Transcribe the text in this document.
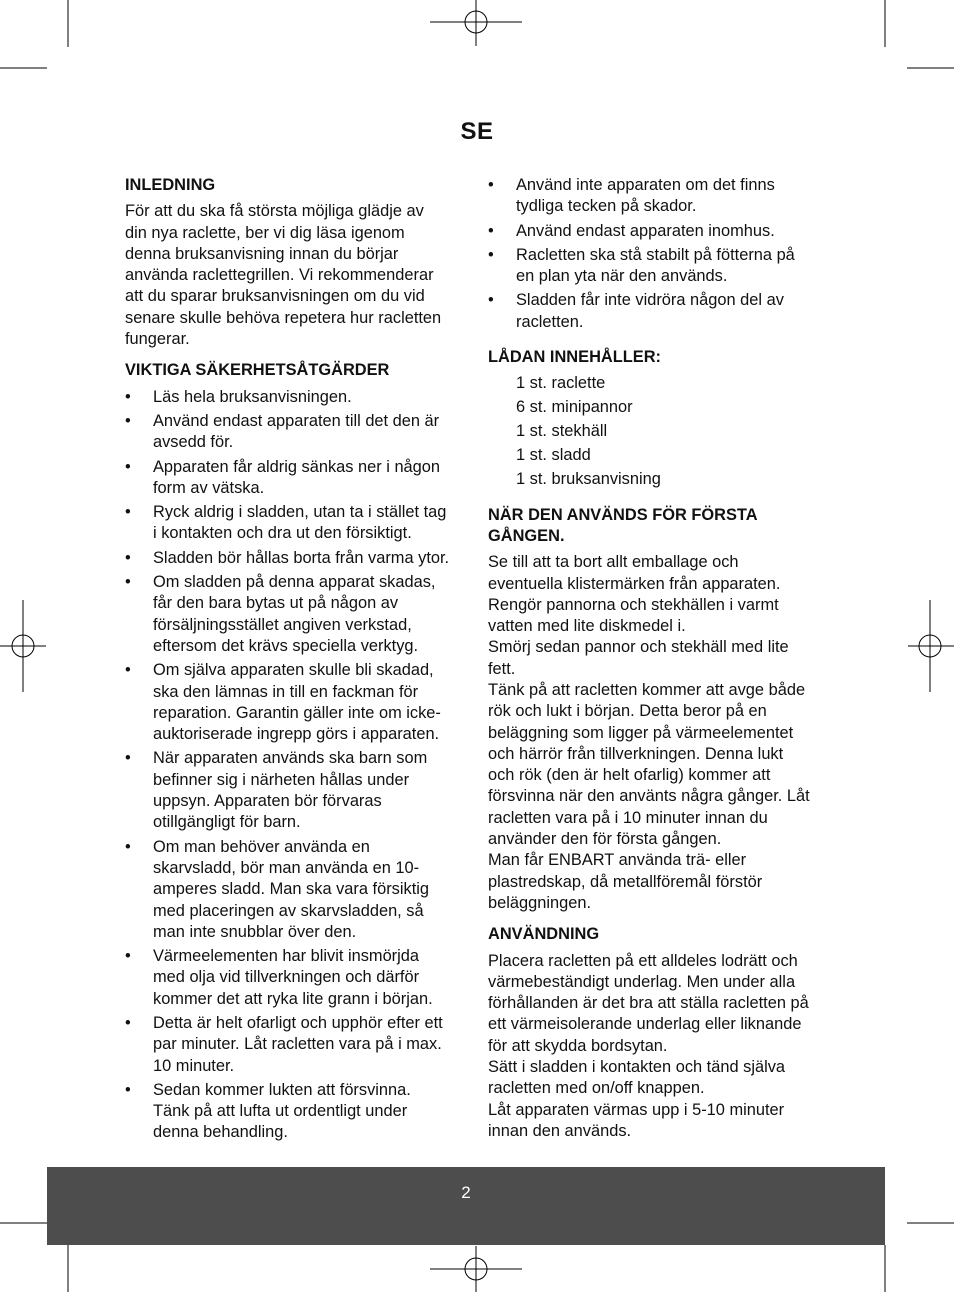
SE
INLEDNING
För att du ska få största möjliga glädje av
din nya raclette, ber vi dig läsa igenom
denna bruksanvisning innan du börjar
använda raclettegrillen. Vi rekommenderar
att du sparar bruksanvisningen om du vid
senare skulle behöva repetera hur racletten
fungerar.
VIKTIGA SÄKERHETSÅTGÄRDER
• Läs hela bruksanvisningen.
• Använd endast apparaten till det den är
avsedd för.
• Apparaten får aldrig sänkas ner i någon
form av vätska.
• Ryck aldrig i sladden, utan ta i stället tag
i kontakten och dra ut den försiktigt.
• Sladden bör hållas borta från varma ytor.
• Om sladden på denna apparat skadas,
får den bara bytas ut på någon av
försäljningsstället angiven verkstad,
eftersom det krävs speciella verktyg.
• Om själva apparaten skulle bli skadad,
ska den lämnas in till en fackman för
reparation. Garantin gäller inte om icke-
auktoriserade ingrepp görs i apparaten.
• När apparaten används ska barn som
befinner sig i närheten hållas under
uppsyn. Apparaten bör förvaras
otillgängligt för barn.
• Om man behöver använda en
skarvsladd, bör man använda en 10-
amperes sladd. Man ska vara försiktig
med placeringen av skarvsladden, så
man inte snubblar över den.
• Värmeelementen har blivit insmörjda
med olja vid tillverkningen och därför
kommer det att ryka lite grann i början.
• Detta är helt ofarligt och upphör efter ett
par minuter. Låt racletten vara på i max.
10 minuter.
• Sedan kommer lukten att försvinna.
Tänk på att lufta ut ordentligt under
denna behandling.
• Använd inte apparaten om det finns
tydliga tecken på skador.
• Använd endast apparaten inomhus.
• Racletten ska stå stabilt på fötterna på
en plan yta när den används.
• Sladden får inte vidröra någon del av
racletten.
LÅDAN INNEHÅLLER:
1 st. raclette
6 st. minipannor
1 st. stekhäll
1 st. sladd
1 st. bruksanvisning
NÄR DEN ANVÄNDS FÖR FÖRSTA
GÅNGEN.
Se till att ta bort allt emballage och
eventuella klistermärken från apparaten.
Rengör pannorna och stekhällen i varmt
vatten med lite diskmedel i.
Smörj sedan pannor och stekhäll med lite
fett.
Tänk på att racletten kommer att avge både
rök och lukt i början. Detta beror på en
beläggning som ligger på värmeelementet
och härrör från tillverkningen. Denna lukt
och rök (den är helt ofarlig) kommer att
försvinna när den använts några gånger. Låt
racletten vara på i 10 minuter innan du
använder den för första gången.
Man får ENBART använda trä- eller
plastredskap, då metallföremål förstör
beläggningen.
ANVÄNDNING
Placera racletten på ett alldeles lodrätt och
värmebeständigt underlag. Men under alla
förhållanden är det bra att ställa racletten på
ett värmeisolerande underlag eller liknande
för att skydda bordsytan.
Sätt i sladden i kontakten och tänd själva
racletten med on/off knappen.
Låt apparaten värmas upp i 5-10 minuter
innan den används.
2
